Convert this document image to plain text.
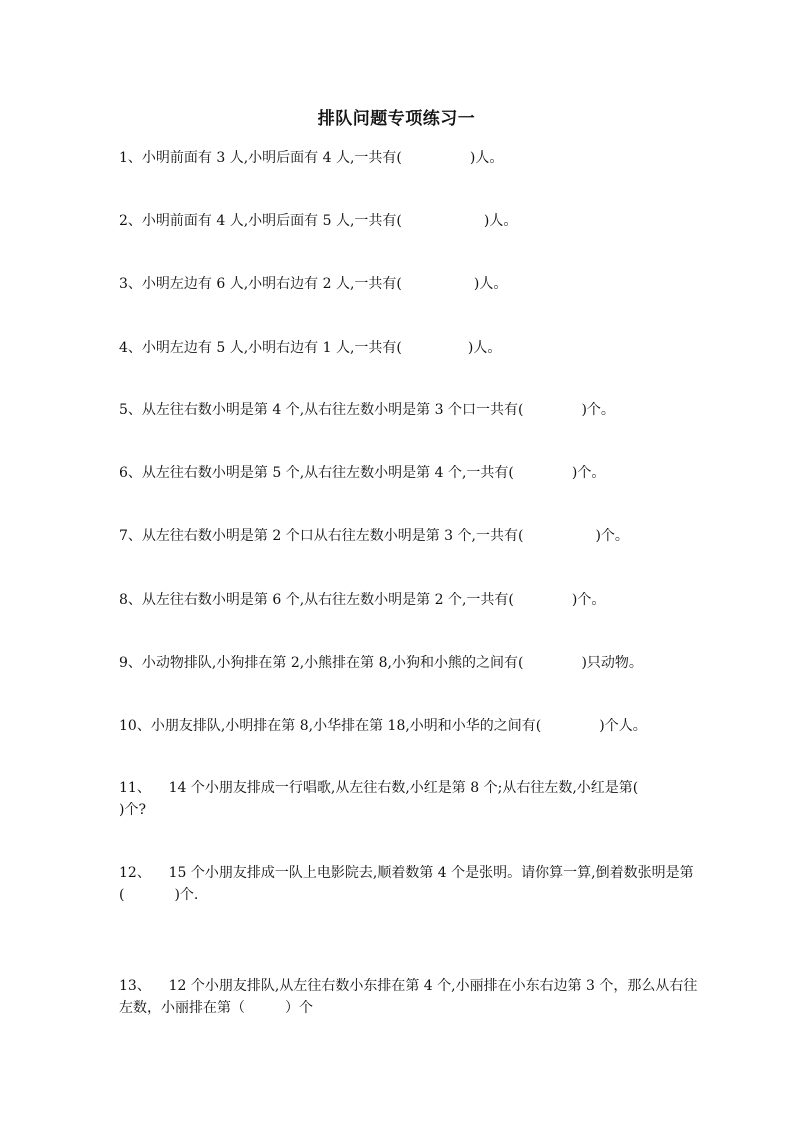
排队问题专项练习一
1、小明前面有 3 人,小明后面有 4 人,一共有(	)人。
2、小明前面有 4 人,小明后面有 5 人,一共有(	)人。
3、小明左边有 6 人,小明右边有 2 人,一共有(	)人。
4、小明左边有 5 人,小明右边有 1 人,一共有(	)人。
5、从左往右数小明是第 4 个,从右往左数小明是第 3 个口一共有(	)个。
6、从左往右数小明是第 5 个,从右往左数小明是第 4 个,一共有(	)个。
7、从左往右数小明是第 2 个口从右往左数小明是第 3 个,一共有(	)个。
8、从左往右数小明是第 6 个,从右往左数小明是第 2 个,一共有(	)个。
9、小动物排队,小狗排在第 2,小熊排在第 8,小狗和小熊的之间有(	)只动物。
10、小朋友排队,小明排在第 8,小华排在第 18,小明和小华的之间有(	)个人。
11、 14 个小朋友排成一行唱歌,从左往右数,小红是第 8 个;从右往左数,小红是第()个?
12、 15 个小朋友排成一队上电影院去,顺着数第 4 个是张明。请你算一算,倒着数张明是第(	)个.
13、 12 个小朋友排队,从左往右数小东排在第 4 个,小丽排在小东右边第 3 个，那么从右往左数，小丽排在第（	）个
